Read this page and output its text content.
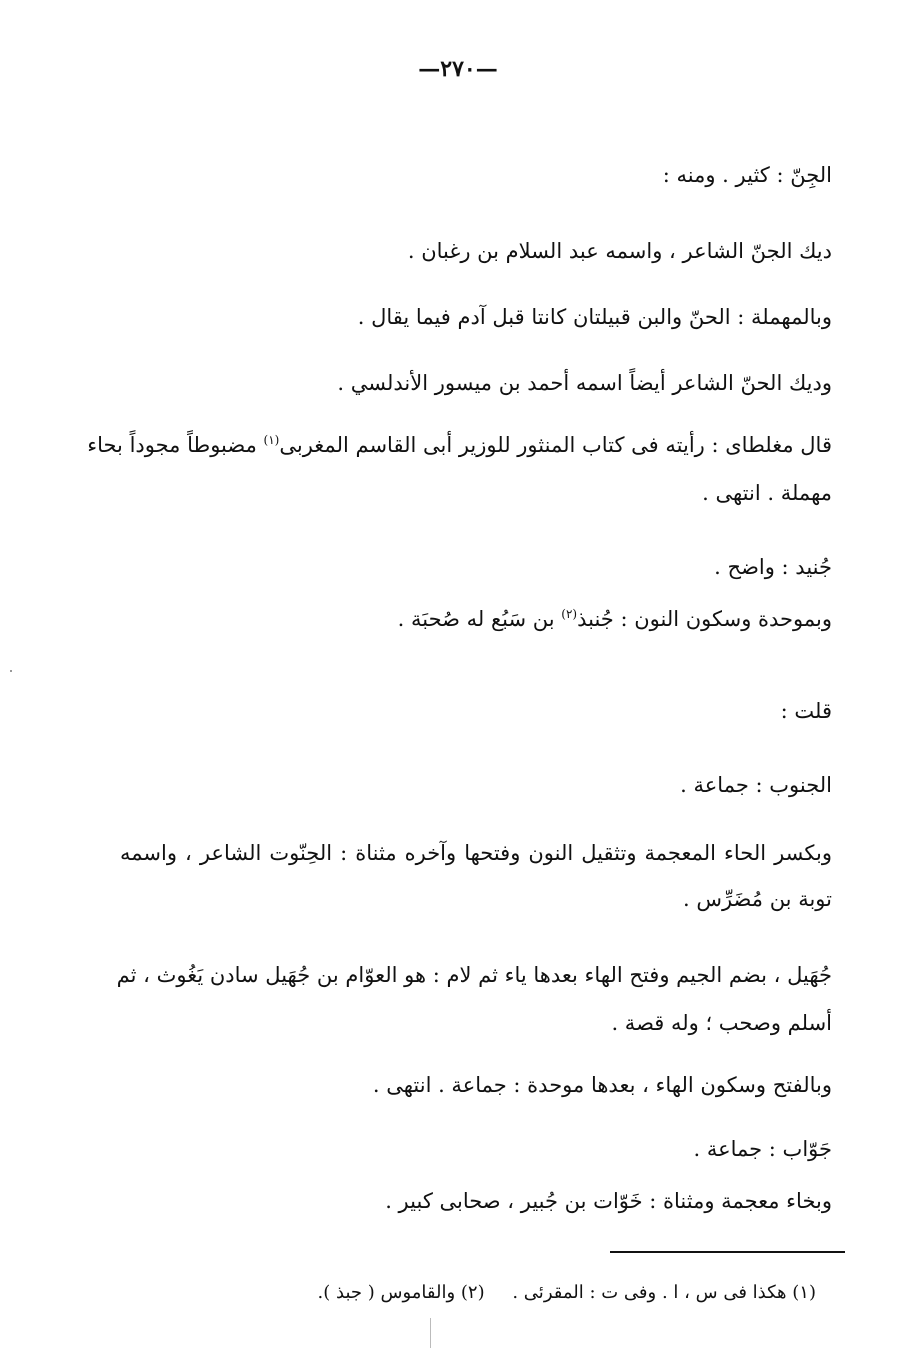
—٢٧٠—
الجِنّ : كثير . ومنه :
ديك الجنّ الشاعر ، واسمه عبد السلام بن رغبان .
وبالمهملة : الحنّ والبن قبيلتان كانتا قبل آدم فيما يقال .
وديك الحنّ الشاعر أيضاً اسمه أحمد بن ميسور الأندلسي .
قال مغلطاى : رأيته فى كتاب المنثور للوزير أبى القاسم المغربى$^{(١)}$ مضبوطاً مجوداً بحاء
مهملة . انتهى .
جُنيد : واضح .
وبموحدة وسكون النون : جُنبذ$^{(٢)}$ بن سَبُع له صُحبَة .
قلت :
الجنوب : جماعة .
وبكسر الحاء المعجمة وتثقيل النون وفتحها وآخره مثناة : الحِنّوت الشاعر ، واسمه
توبة بن مُضَرِّس .
جُهَيل ، بضم الجيم وفتح الهاء بعدها ياء ثم لام : هو العوّام بن جُهَيل سادن يَغُوث ، ثم
أسلم وصحب ؛ وله قصة .
وبالفتح وسكون الهاء ، بعدها موحدة : جماعة . انتهى .
جَوّاب : جماعة .
وبخاء معجمة ومثناة : خَوّات بن جُبير ، صحابى كبير .
(١) هكذا فى س ، ا . وفى ت : المقرئى . (٢) والقاموس ( جبذ ).
